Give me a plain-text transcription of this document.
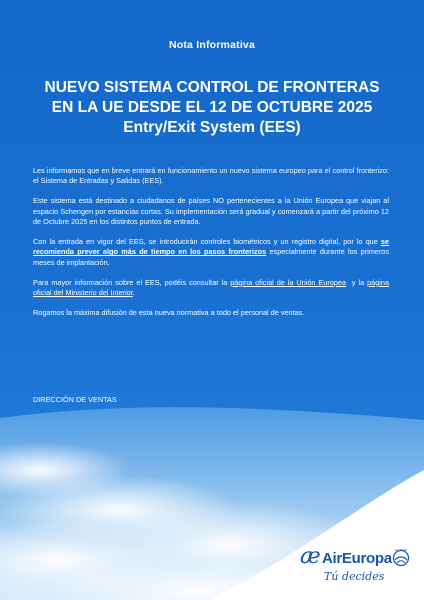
Nota Informativa
NUEVO SISTEMA CONTROL DE FRONTERAS
EN LA UE DESDE EL 12 DE OCTUBRE 2025
Entry/Exit System (EES)

Les informamos que en breve entrará en funcionamiento un nuevo sistema europeo para el control fronterizo: el Sistema de Entradas y Salidas (EES).

Este sistema está destinado a ciudadanos de países NO pertenecientes a la Unión Europea que viajan al espacio Schengen por estancias cortas. Su implementación será gradual y comenzará a partir del próximo 12 de Octubre 2025 en los distintos puntos de entrada.

Con la entrada en vigor del EES, se introducirán controles biométricos y un registro digital, por lo que se recomienda prever algo más de tiempo en los pasos fronterizos especialmente durante los primeros meses de implantación.

Para mayor información sobre el EES, podéis consultar la página oficial de la Unión Europea  y la página oficial del Ministerio del Interior.

Rogamos la máxima difusión de esta nueva normativa a todo el personal de ventas.

DIRECCIÓN DE VENTAS
æ AirEuropa
Tú decides
SKYTEAM
